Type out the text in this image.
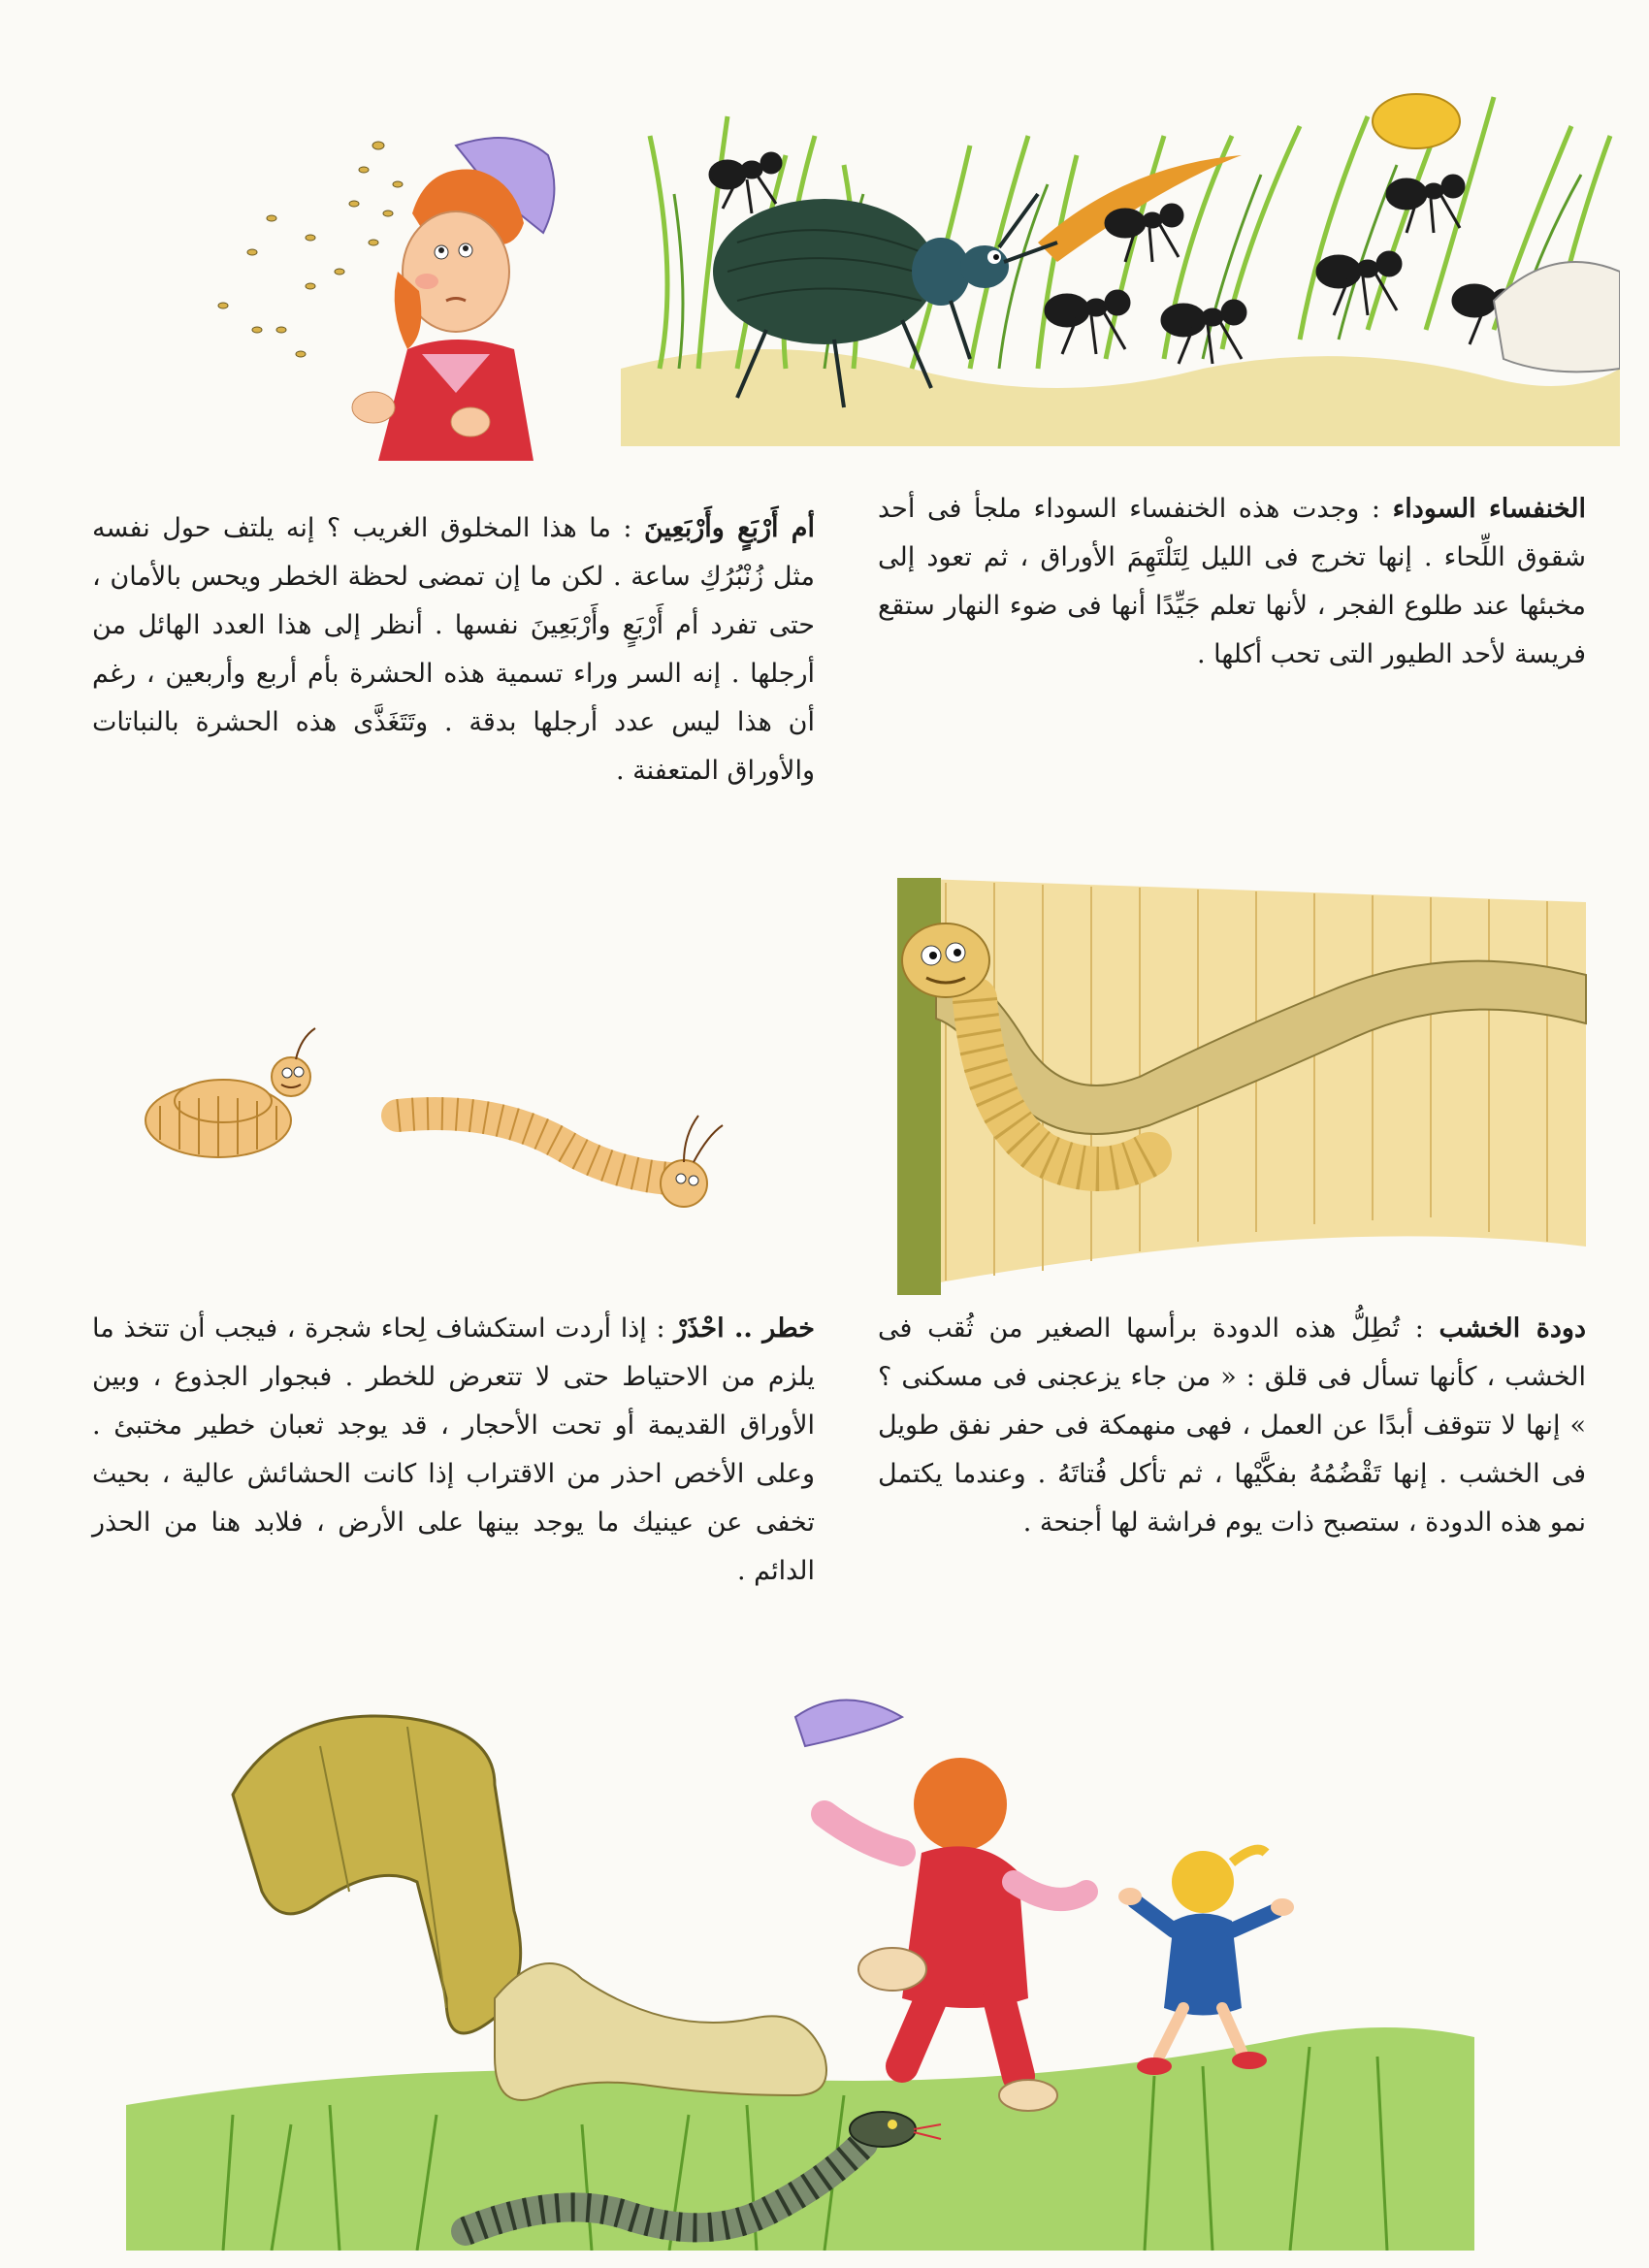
الخنفساء السوداء : وجدت هذه الخنفساء السوداء ملجأ فى أحد شقوق اللِّحاء . إنها تخرج فى الليل لِتَلْتَهِمَ الأوراق ، ثم تعود إلى مخبئها عند طلوع الفجر ، لأنها تعلم جَيِّدًا أنها فى ضوء النهار ستقع فريسة لأحد الطيور التى تحب أكلها .

أم أَرْبَعٍ وأَرْبَعِينَ : ما هذا المخلوق الغريب ؟ إنه يلتف حول نفسه مثل زُنْبُرُكِ ساعة . لكن ما إن تمضى لحظة الخطر ويحس بالأمان ، حتى تفرد أم أَرْبَعٍ وأَرْبَعِينَ نفسها . أنظر إلى هذا العدد الهائل من أرجلها . إنه السر وراء تسمية هذه الحشرة بأم أربع وأربعين ، رغم أن هذا ليس عدد أرجلها بدقة . وتَتَغَذَّى هذه الحشرة بالنباتات والأوراق المتعفنة .

دودة الخشب : تُطِلُّ هذه الدودة برأسها الصغير من ثُقب فى الخشب ، كأنها تسأل فى قلق : « من جاء يزعجنى فى مسكنى ؟ » إنها لا تتوقف أبدًا عن العمل ، فهى منهمكة فى حفر نفق طويل فى الخشب . إنها تَقْضُمُهُ بفكَّيْها ، ثم تأكل فُتاتَهُ . وعندما يكتمل نمو هذه الدودة ، ستصبح ذات يوم فراشة لها أجنحة .

خطر .. احْذَرْ : إذا أردت استكشاف لِحاء شجرة ، فيجب أن تتخذ ما يلزم من الاحتياط حتى لا تتعرض للخطر . فبجوار الجذوع ، وبين الأوراق القديمة أو تحت الأحجار ، قد يوجد ثعبان خطير مختبئ . وعلى الأخص احذر من الاقتراب إذا كانت الحشائش عالية ، بحيث تخفى عن عينيك ما يوجد بينها على الأرض ، فلابد هنا من الحذر الدائم .
